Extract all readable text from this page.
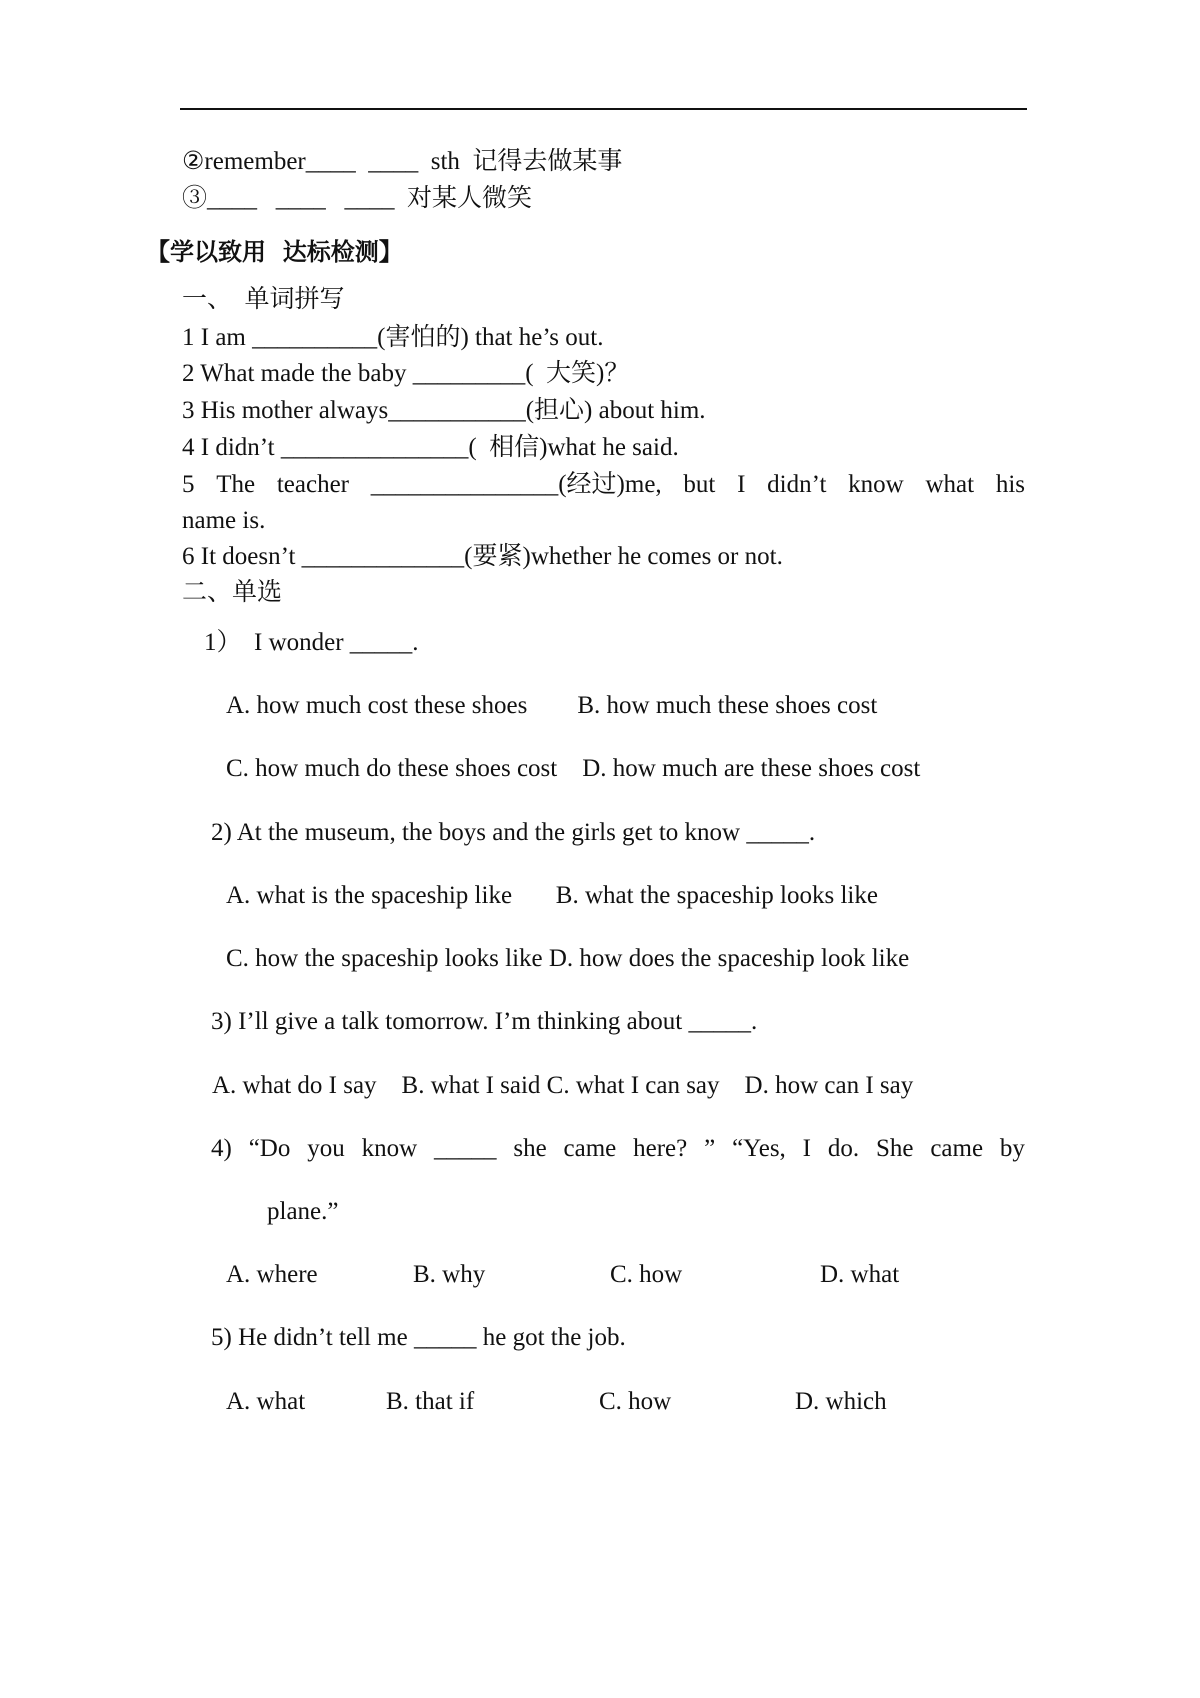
②remember____  ____  sth  记得去做某事
③____   ____   ____  对某人微笑
【学以致用  达标检测】
一、  单词拼写
1 I am __________(害怕的) that he’s out.
2 What made the baby _________(  大笑)？
3 His mother always___________(担心) about him.
4 I didn’t _______________(  相信)what he said.
5 The teacher _______________(经过)me, but I didn’t know what his
name is.
6 It doesn’t _____________(要紧)whether he comes or not.
二、单选
1）  I wonder _____.
A. how much cost these shoes        B. how much these shoes cost
C. how much do these shoes cost    D. how much are these shoes cost
2) At the museum, the boys and the girls get to know _____.
A. what is the spaceship like       B. what the spaceship looks like
C. how the spaceship looks like D. how does the spaceship look like
3) I’ll give a talk tomorrow. I’m thinking about _____.
A. what do I say    B. what I said C. what I can say    D. how can I say
4) “Do you know _____ she came here? ” “Yes, I do. She came by
plane.”
A. where	B. why	C. how	D. what
5) He didn’t tell me _____ he got the job.
A. what	B. that if	C. how	D. which
